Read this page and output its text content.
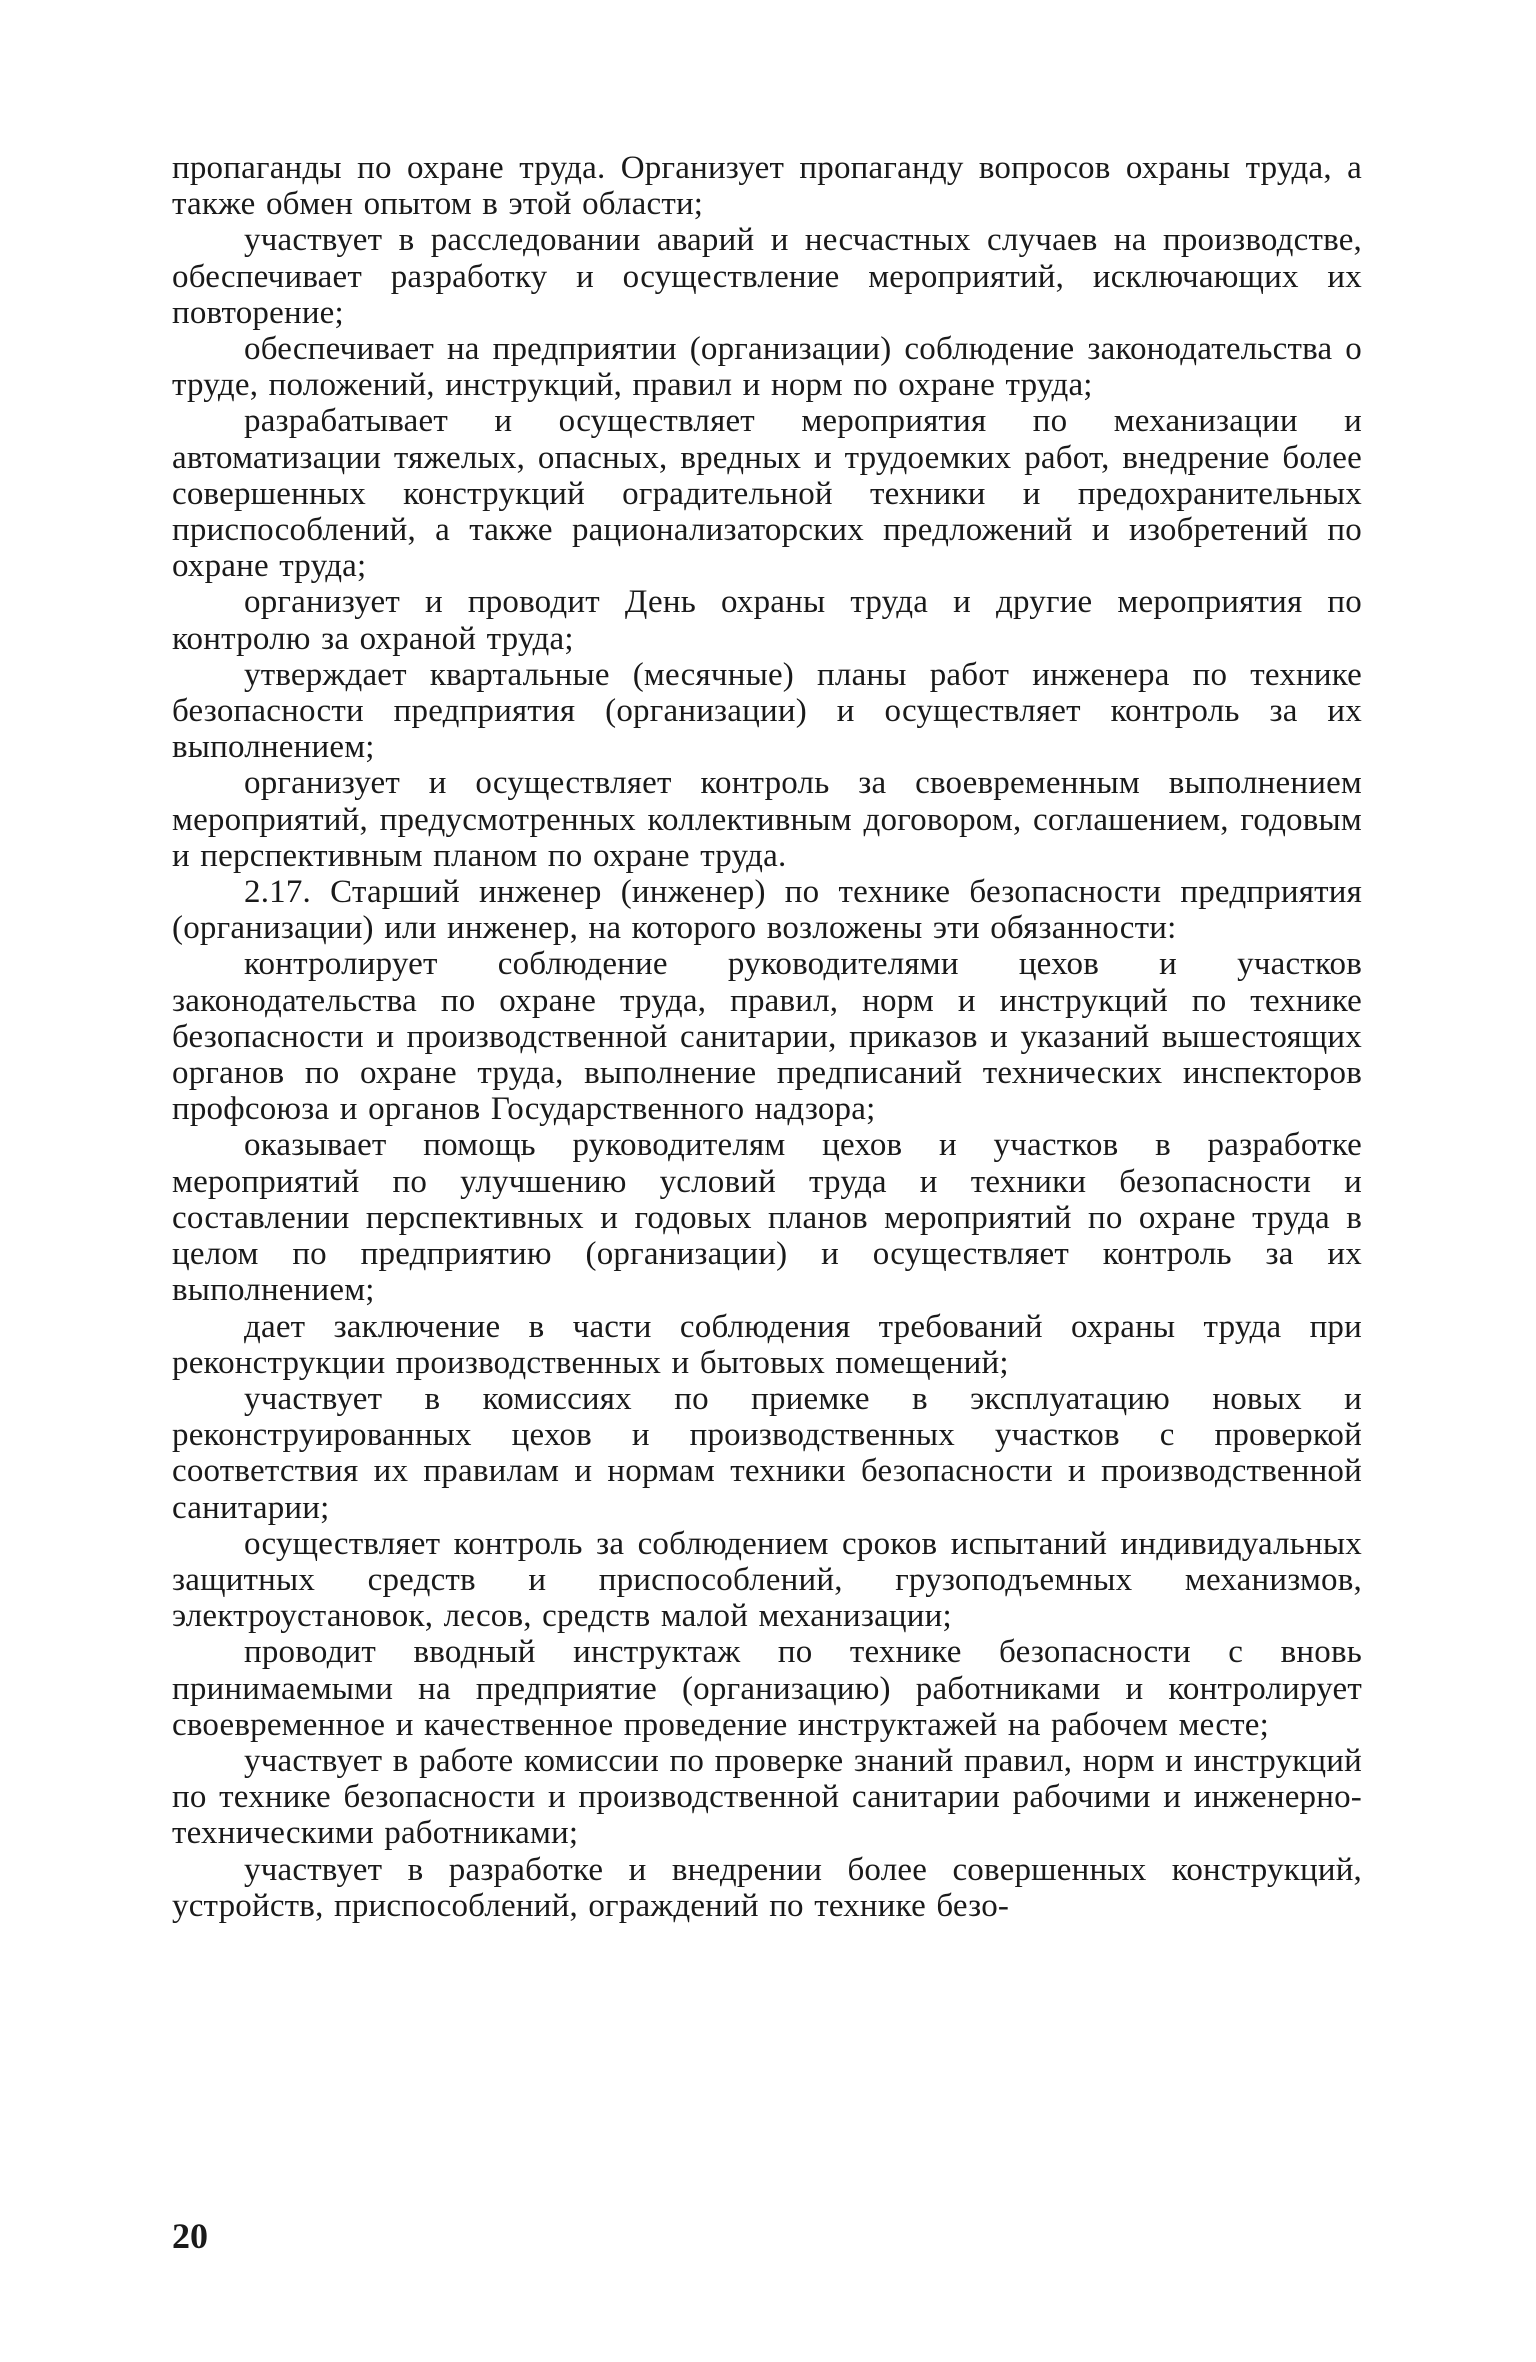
пропаганды по охране труда. Организует пропаганду вопросов охраны труда, а также обмен опытом в этой области;

участвует в расследовании аварий и несчастных случаев на производстве, обеспечивает разработку и осуществление мероприятий, исключающих их повторение;

обеспечивает на предприятии (организации) соблюдение законодательства о труде, положений, инструкций, правил и норм по охране труда;

разрабатывает и осуществляет мероприятия по механизации и автоматизации тяжелых, опасных, вредных и трудоемких работ, внедрение более совершенных конструкций оградительной техники и предохранительных приспособлений, а также рационализаторских предложений и изобретений по охране труда;

организует и проводит День охраны труда и другие мероприятия по контролю за охраной труда;

утверждает квартальные (месячные) планы работ инженера по технике безопасности предприятия (организации) и осуществляет контроль за их выполнением;

организует и осуществляет контроль за своевременным выполнением мероприятий, предусмотренных коллективным договором, соглашением, годовым и перспективным планом по охране труда.

2.17. Старший инженер (инженер) по технике безопасности предприятия (организации) или инженер, на которого возложены эти обязанности:

контролирует соблюдение руководителями цехов и участков законодательства по охране труда, правил, норм и инструкций по технике безопасности и производственной санитарии, приказов и указаний вышестоящих органов по охране труда, выполнение предписаний технических инспекторов профсоюза и органов Государственного надзора;

оказывает помощь руководителям цехов и участков в разработке мероприятий по улучшению условий труда и техники безопасности и составлении перспективных и годовых планов мероприятий по охране труда в целом по предприятию (организации) и осуществляет контроль за их выполнением;

дает заключение в части соблюдения требований охраны труда при реконструкции производственных и бытовых помещений;

участвует в комиссиях по приемке в эксплуатацию новых и реконструированных цехов и производственных участков с проверкой соответствия их правилам и нормам техники безопасности и производственной санитарии;

осуществляет контроль за соблюдением сроков испытаний индивидуальных защитных средств и приспособлений, грузоподъемных механизмов, электроустановок, лесов, средств малой механизации;

проводит вводный инструктаж по технике безопасности с вновь принимаемыми на предприятие (организацию) работниками и контролирует своевременное и качественное проведение инструктажей на рабочем месте;

участвует в работе комиссии по проверке знаний правил, норм и инструкций по технике безопасности и производственной санитарии рабочими и инженерно-техническими работниками;

участвует в разработке и внедрении более совершенных конструкций, устройств, приспособлений, ограждений по технике безо-

20
